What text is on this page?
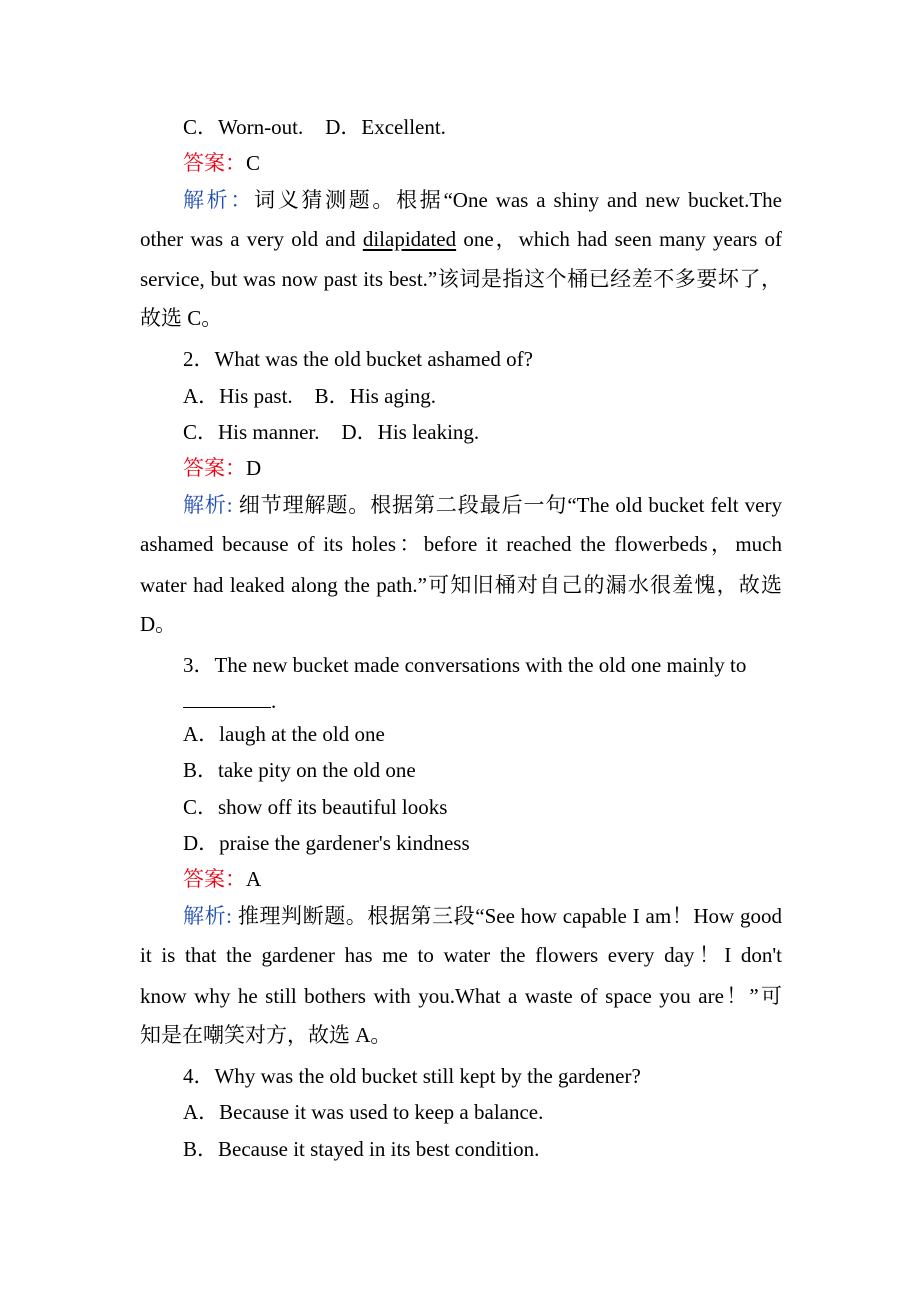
C．Worn-out. D．Excellent.
答案：C
解析：词义猜测题。根据“One was a shiny and new bucket.The
other was a very old and dilapidated one，which had seen many years of
service, but was now past its best.”该词是指这个桶已经差不多要坏了，
故选 C。
2．What was the old bucket ashamed of?
A．His past. B．His aging.
C．His manner. D．His leaking.
答案：D
解析: 细节理解题。根据第二段最后一句“The old bucket felt very
ashamed because of its holes：before it reached the flowerbeds，much
water had leaked along the path.”可知旧桶对自己的漏水很羞愧，故选
D。
3．The new bucket made conversations with the old one mainly to
.
A．laugh at the old one
B．take pity on the old one
C．show off its beautiful looks
D．praise the gardener's kindness
答案：A
解析: 推理判断题。根据第三段“See how capable I am！How good
it is that the gardener has me to water the flowers every day！I don't
know why he still bothers with you.What a waste of space you are！”可
知是在嘲笑对方，故选 A。
4．Why was the old bucket still kept by the gardener?
A．Because it was used to keep a balance.
B．Because it stayed in its best condition.
